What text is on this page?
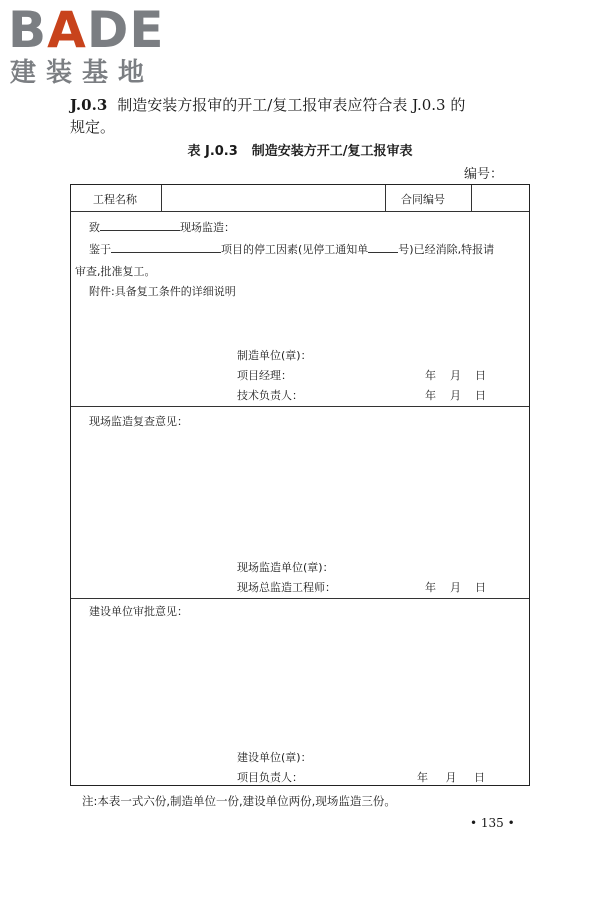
BADE
建装基地
J.0.3 制造安装方报审的开工/复工报审表应符合表 J.0.3 的
规定。
表 J.0.3 制造安装方开工/复工报审表
编号：
工程名称	合同编号
致	现场监造：
鉴于	项目的停工因素(见停工通知单	号)已经消除,特报请
审查,批准复工。
附件:具备复工条件的详细说明
制造单位(章)：
项目经理：	年 月 日
技术负责人：	年 月 日
现场监造复查意见：
现场监造单位(章)：
现场总监造工程师：	年 月 日
建设单位审批意见：
建设单位(章)：
项目负责人：	年 月 日
注:本表一式六份,制造单位一份,建设单位两份,现场监造三份。
• 135 •
